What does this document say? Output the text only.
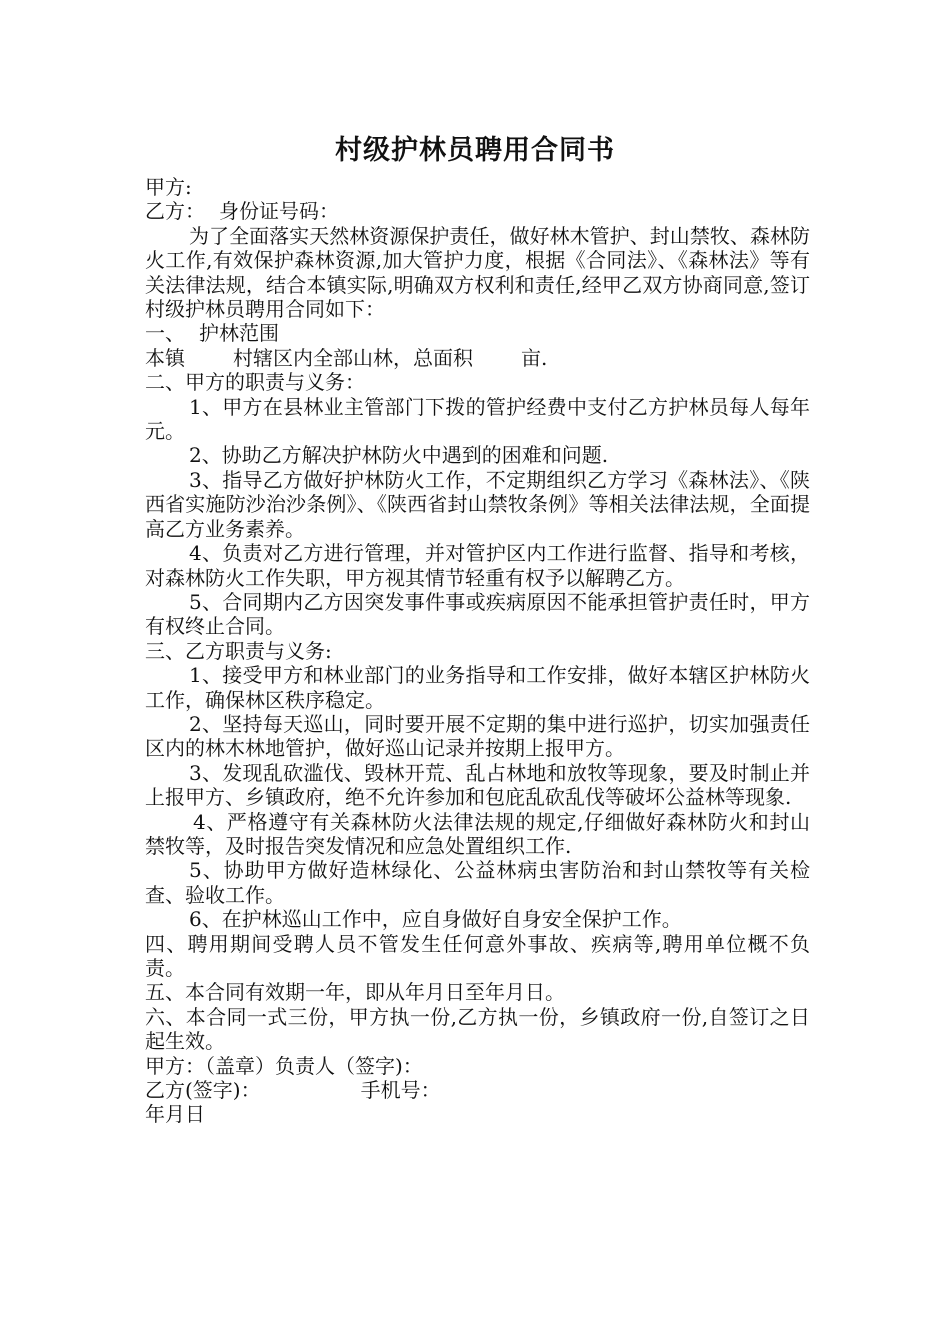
村级护林员聘用合同书

甲方:

乙方： 身份证号码：

为了全面落实天然林资源保护责任，做好林木管护、封山禁牧、森林防火工作,有效保护森林资源,加大管护力度，根据《合同法》、《森林法》等有关法律法规，结合本镇实际,明确双方权利和责任,经甲乙双方协商同意,签订村级护林员聘用合同如下：

一、 护林范围

本镇 村辖区内全部山林，总面积 亩.

二、甲方的职责与义务：

1、甲方在县林业主管部门下拨的管护经费中支付乙方护林员每人每年元。

2、协助乙方解决护林防火中遇到的困难和问题.

3、指导乙方做好护林防火工作，不定期组织乙方学习《森林法》、《陕西省实施防沙治沙条例》、《陕西省封山禁牧条例》等相关法律法规，全面提高乙方业务素养。

4、负责对乙方进行管理，并对管护区内工作进行监督、指导和考核，对森林防火工作失职，甲方视其情节轻重有权予以解聘乙方。

5、合同期内乙方因突发事件事或疾病原因不能承担管护责任时，甲方有权终止合同。

三、乙方职责与义务:

1、接受甲方和林业部门的业务指导和工作安排，做好本辖区护林防火工作，确保林区秩序稳定。

2、坚持每天巡山，同时要开展不定期的集中进行巡护，切实加强责任区内的林木林地管护，做好巡山记录并按期上报甲方。

3、发现乱砍滥伐、毁林开荒、乱占林地和放牧等现象，要及时制止并上报甲方、乡镇政府，绝不允许参加和包庇乱砍乱伐等破坏公益林等现象.

4、严格遵守有关森林防火法律法规的规定,仔细做好森林防火和封山禁牧等，及时报告突发情况和应急处置组织工作.

5、协助甲方做好造林绿化、公益林病虫害防治和封山禁牧等有关检查、验收工作。

6、在护林巡山工作中，应自身做好自身安全保护工作。

四、聘用期间受聘人员不管发生任何意外事故、疾病等,聘用单位概不负责。

五、本合同有效期一年，即从年月日至年月日。

六、本合同一式三份，甲方执一份,乙方执一份，乡镇政府一份,自签订之日起生效。

甲方：（盖章）负责人（签字)：

乙方(签字)：	手机号：

年月日
